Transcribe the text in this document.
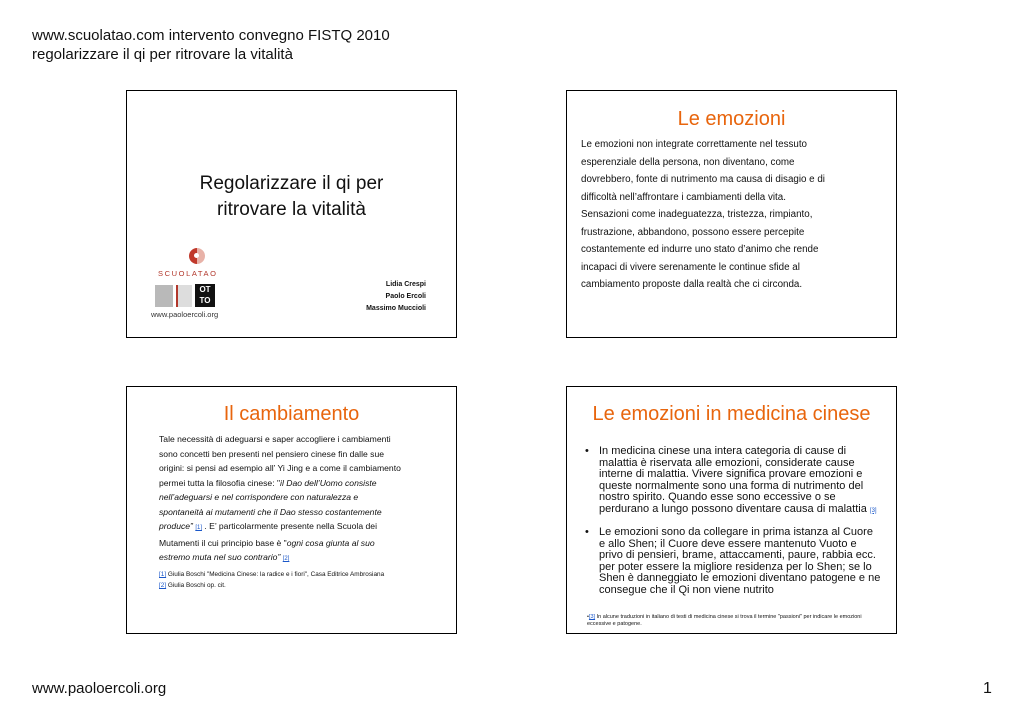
www.scuolatao.com intervento convegno FISTQ 2010
regolarizzare il qi per ritrovare la vitalità
Regolarizzare il qi per
ritrovare la vitalità
SCUOLATAO
OT TO
www.paoloercoli.org
Lidia Crespi
Paolo Ercoli
Massimo Muccioli
Le emozioni
Le emozioni non integrate correttamente nel tessuto
esperenziale della persona, non diventano, come
dovrebbero, fonte di nutrimento ma causa di disagio e di
difficoltà nell’affrontare i cambiamenti della vita.
Sensazioni come inadeguatezza, tristezza, rimpianto,
frustrazione, abbandono, possono essere percepite
costantemente ed indurre uno stato d’animo che rende
incapaci di vivere serenamente le continue sfide al
cambiamento proposte dalla realtà che ci circonda.
Il cambiamento
Tale necessità di adeguarsi e saper accogliere i cambiamenti
sono concetti ben presenti nel pensiero cinese fin dalle sue
origini: si pensi ad esempio all’ Yi Jing e a come il cambiamento
permei tutta la filosofia cinese: "il Dao dell’Uomo consiste
nell’adeguarsi e nel corrispondere con naturalezza e
spontaneità ai mutamenti che il Dao stesso costantemente
produce” [1] . E’ particolarmente presente nella Scuola dei
Mutamenti il cui principio base è "ogni cosa giunta al suo
estremo muta nel suo contrario” [2]
[1] Giulia Boschi "Medicina Cinese: la radice e i fiori", Casa Editrice Ambrosiana
[2] Giulia Boschi op. cit.
Le emozioni in medicina cinese
• In medicina cinese una intera categoria di cause di malattia è riservata alle emozioni, considerate cause interne di malattia. Vivere significa provare emozioni e queste normalmente sono una forma di nutrimento del nostro spirito. Quando esse sono eccessive o se perdurano a lungo possono diventare causa di malattia [3]
• Le emozioni sono da collegare in prima istanza al Cuore e allo Shen; il Cuore deve essere mantenuto Vuoto e privo di pensieri, brame, attaccamenti, paure, rabbia ecc. per poter essere la migliore residenza per lo Shen; se lo Shen è danneggiato le emozioni diventano patogene e ne consegue che il Qi non viene nutrito
•[3] In alcune traduzioni in italiano di testi di medicina cinese si trova il termine "passioni" per indicare le emozioni eccessive e patogene.
www.paoloercoli.org	1
